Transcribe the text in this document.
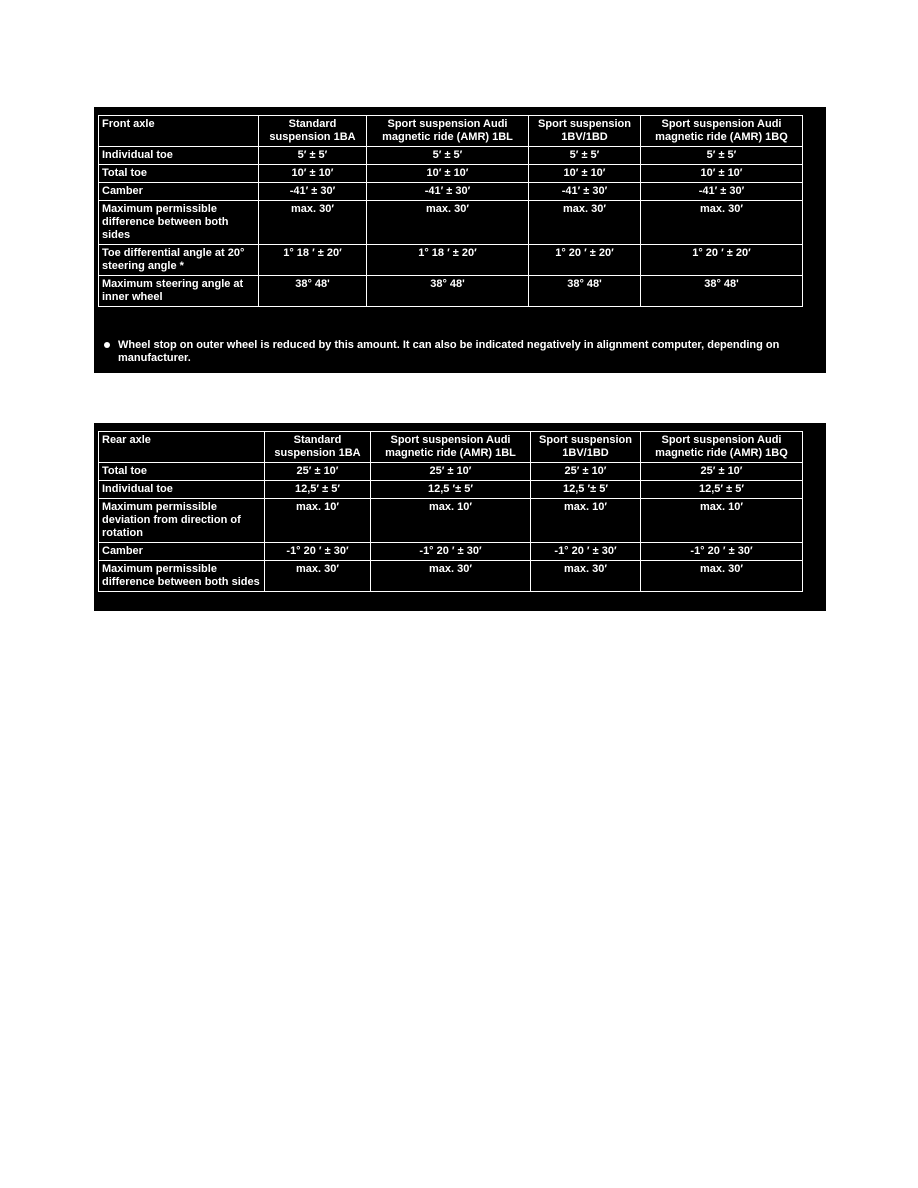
Front axle	Standard suspension 1BA	Sport suspension Audi magnetic ride (AMR) 1BL	Sport suspension 1BV/1BD	Sport suspension Audi magnetic ride (AMR) 1BQ
Individual toe	5′ ± 5′	5′ ± 5′	5′ ± 5′	5′ ± 5′
Total toe	10′ ± 10′	10′ ± 10′	10′ ± 10′	10′ ± 10′
Camber	-41′ ± 30′	-41′ ± 30′	-41′ ± 30′	-41′ ± 30′
Maximum permissible difference between both sides	max. 30′	max. 30′	max. 30′	max. 30′
Toe differential angle at 20° steering angle *	1° 18 ′ ± 20′	1° 18 ′ ± 20′	1° 20 ′ ± 20′	1° 20 ′ ± 20′
Maximum steering angle at inner wheel	38° 48'	38° 48'	38° 48'	38° 48'
Wheel stop on outer wheel is reduced by this amount. It can also be indicated negatively in alignment computer, depending on manufacturer.
Rear axle	Standard suspension 1BA	Sport suspension Audi magnetic ride (AMR) 1BL	Sport suspension 1BV/1BD	Sport suspension Audi magnetic ride (AMR) 1BQ
Total toe	25′ ± 10′	25′ ± 10′	25′ ± 10′	25′ ± 10′
Individual toe	12,5′ ± 5′	12,5 ′± 5′	12,5 ′± 5′	12,5′ ± 5′
Maximum permissible deviation from direction of rotation	max. 10′	max. 10′	max. 10′	max. 10′
Camber	-1° 20 ′ ± 30′	-1° 20 ′ ± 30′	-1° 20 ′ ± 30′	-1° 20 ′ ± 30′
Maximum permissible difference between both sides	max. 30′	max. 30′	max. 30′	max. 30′
